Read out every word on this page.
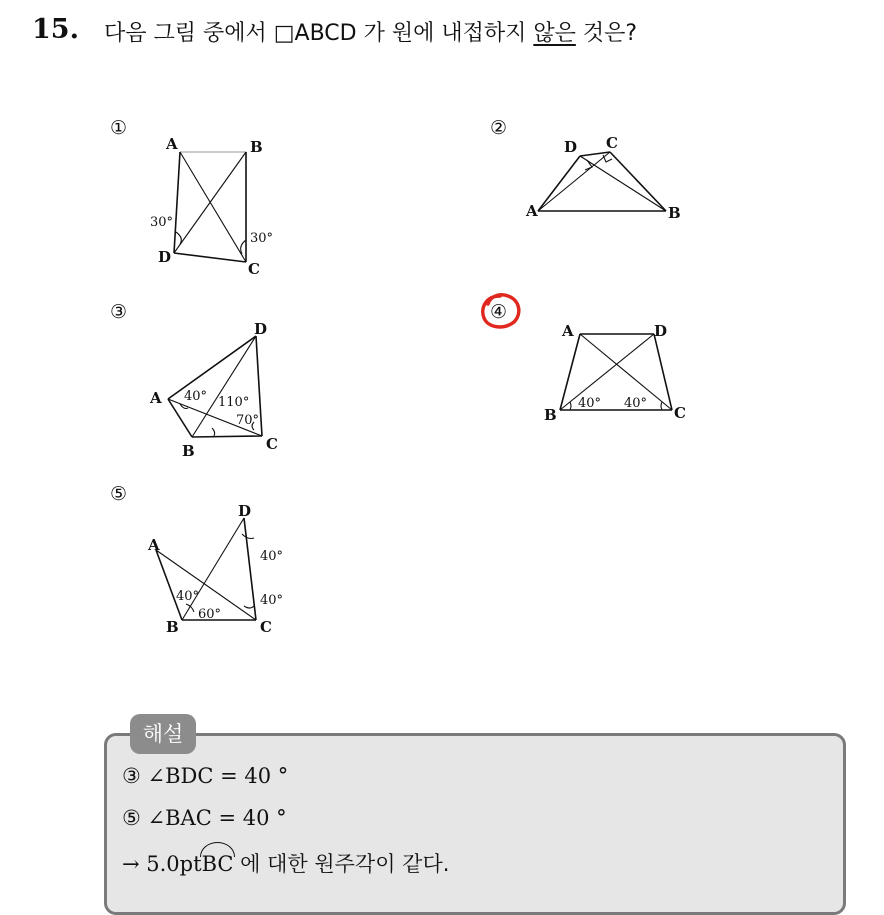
15. 다음 그림 중에서 □ABCD 가 원에 내접하지 않은 것은?
①
A	B
C
D
30°
30°
②
A	B
C
D
③
A
B	C
D
40° 110°
70°
④
A
B	C
D
40° 40°
⑤
A
B	C
D
40°
60°
40°
40°
해설
③ ∠BDC = 40 °
⑤ ∠BAC = 40 °
→ 5.0ptBC 에 대한 원주각이 같다.
